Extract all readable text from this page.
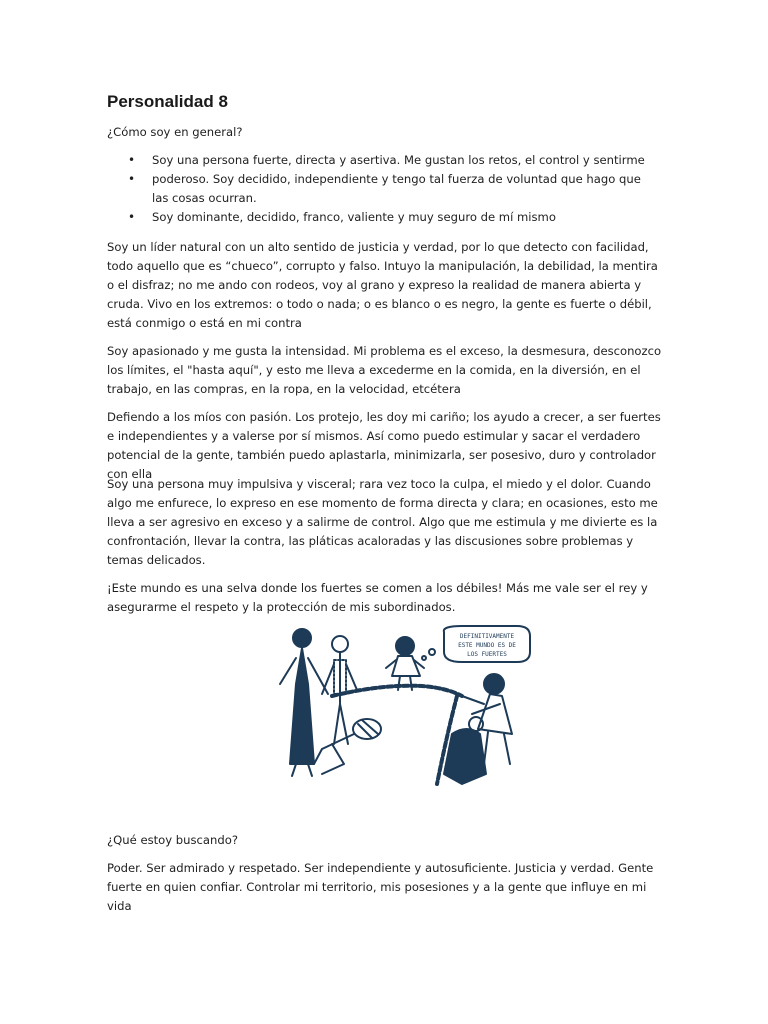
Personalidad 8

¿Cómo soy en general?

• Soy una persona fuerte, directa y asertiva. Me gustan los retos, el control y sentirme
• poderoso. Soy decidido, independiente y tengo tal fuerza de voluntad que hago que las cosas ocurran.
• Soy dominante, decidido, franco, valiente y muy seguro de mí mismo

Soy un líder natural con un alto sentido de justicia y verdad, por lo que detecto con facilidad, todo aquello que es “chueco”, corrupto y falso. Intuyo la manipulación, la debilidad, la mentira o el disfraz; no me ando con rodeos, voy al grano y expreso la realidad de manera abierta y cruda. Vivo en los extremos: o todo o nada; o es blanco o es negro, la gente es fuerte o débil, está conmigo o está en mi contra

Soy apasionado y me gusta la intensidad. Mi problema es el exceso, la desmesura, desconozco los límites, el "hasta aquí", y esto me lleva a excederme en la comida, en la diversión, en el trabajo, en las compras, en la ropa, en la velocidad, etcétera

Defiendo a los míos con pasión. Los protejo, les doy mi cariño; los ayudo a crecer, a ser fuertes e independientes y a valerse por sí mismos. Así como puedo estimular y sacar el verdadero potencial de la gente, también puedo aplastarla, minimizarla, ser posesivo, duro y controlador con ella

Soy una persona muy impulsiva y visceral; rara vez toco la culpa, el miedo y el dolor. Cuando algo me enfurece, lo expreso en ese momento de forma directa y clara; en ocasiones, esto me lleva a ser agresivo en exceso y a salirme de control. Algo que me estimula y me divierte es la confrontación, llevar la contra, las pláticas acaloradas y las discusiones sobre problemas y temas delicados.

¡Este mundo es una selva donde los fuertes se comen a los débiles! Más me vale ser el rey y asegurarme el respeto y la protección de mis subordinados.

DEFINITIVAMENTE
ESTE MUNDO ES DE
LOS FUERTES

¿Qué estoy buscando?

Poder. Ser admirado y respetado. Ser independiente y autosuficiente. Justicia y verdad. Gente fuerte en quien confiar. Controlar mi territorio, mis posesiones y a la gente que influye en mi vida
